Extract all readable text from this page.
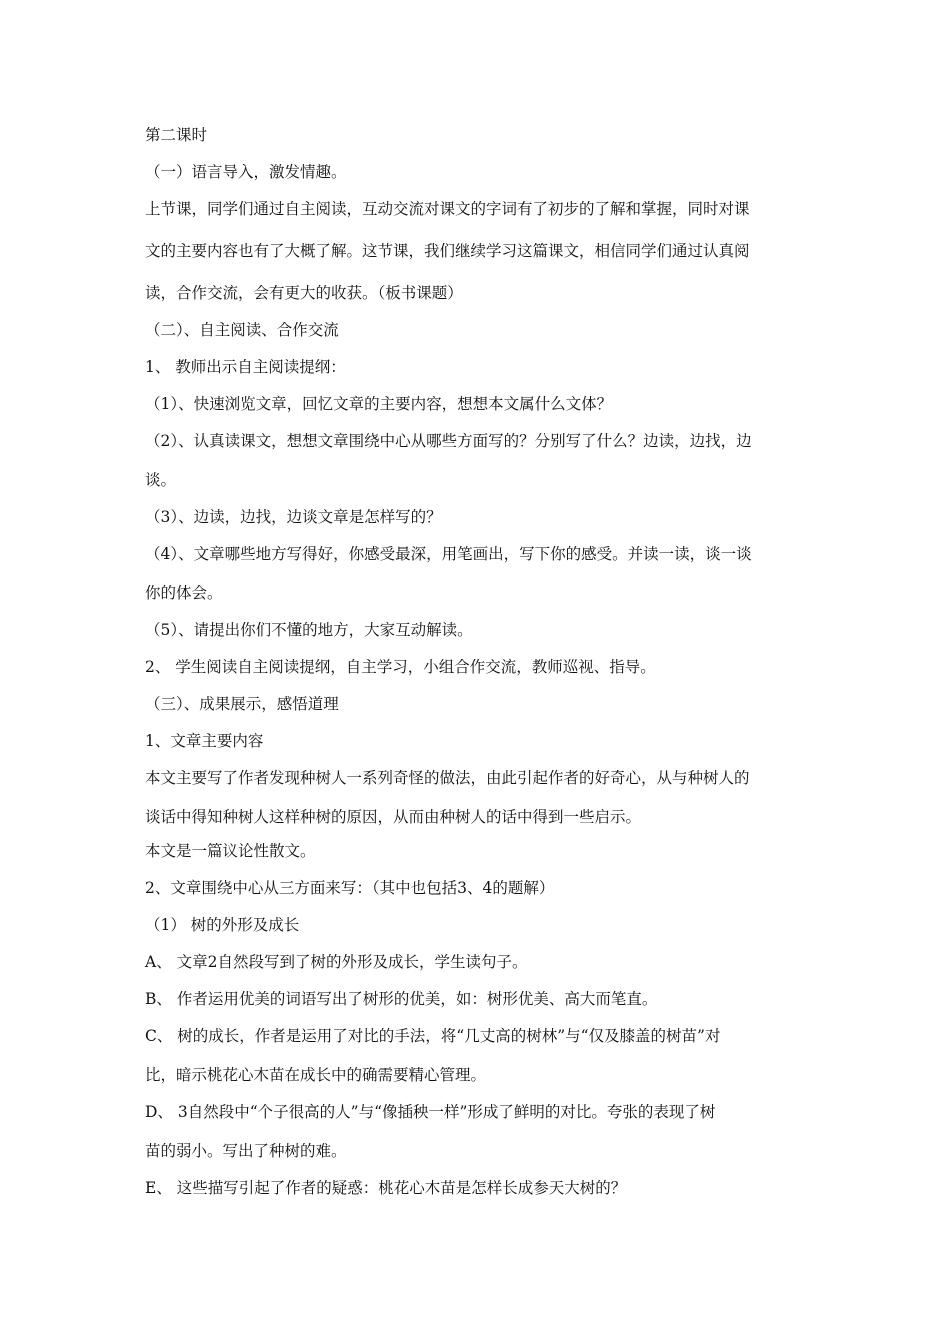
第二课时
（一）语言导入，激发情趣。
上节课，同学们通过自主阅读，互动交流对课文的字词有了初步的了解和掌握，同时对课
文的主要内容也有了大概了解。这节课，我们继续学习这篇课文，相信同学们通过认真阅
读，合作交流，会有更大的收获。（板书课题）
（二）、自主阅读、合作交流
1、 教师出示自主阅读提纲：
（1）、快速浏览文章，回忆文章的主要内容，想想本文属什么文体？
（2）、认真读课文，想想文章围绕中心从哪些方面写的？分别写了什么？边读，边找，边
谈。
（3）、边读，边找，边谈文章是怎样写的？
（4）、文章哪些地方写得好，你感受最深，用笔画出，写下你的感受。并读一读，谈一谈
你的体会。
（5）、请提出你们不懂的地方，大家互动解读。
2、 学生阅读自主阅读提纲，自主学习，小组合作交流，教师巡视、指导。
（三）、成果展示，感悟道理
1、文章主要内容
本文主要写了作者发现种树人一系列奇怪的做法，由此引起作者的好奇心，从与种树人的
谈话中得知种树人这样种树的原因，从而由种树人的话中得到一些启示。
本文是一篇议论性散文。
2、文章围绕中心从三方面来写：（其中也包括3、4的题解）
（1） 树的外形及成长
A、 文章2自然段写到了树的外形及成长，学生读句子。
B、 作者运用优美的词语写出了树形的优美，如：树形优美、高大而笔直。
C、 树的成长，作者是运用了对比的手法，将“几丈高的树林”与“仅及膝盖的树苗”对
比，暗示桃花心木苗在成长中的确需要精心管理。
D、 3自然段中“个子很高的人”与“像插秧一样”形成了鲜明的对比。夸张的表现了树
苗的弱小。写出了种树的难。
E、 这些描写引起了作者的疑惑：桃花心木苗是怎样长成参天大树的？
